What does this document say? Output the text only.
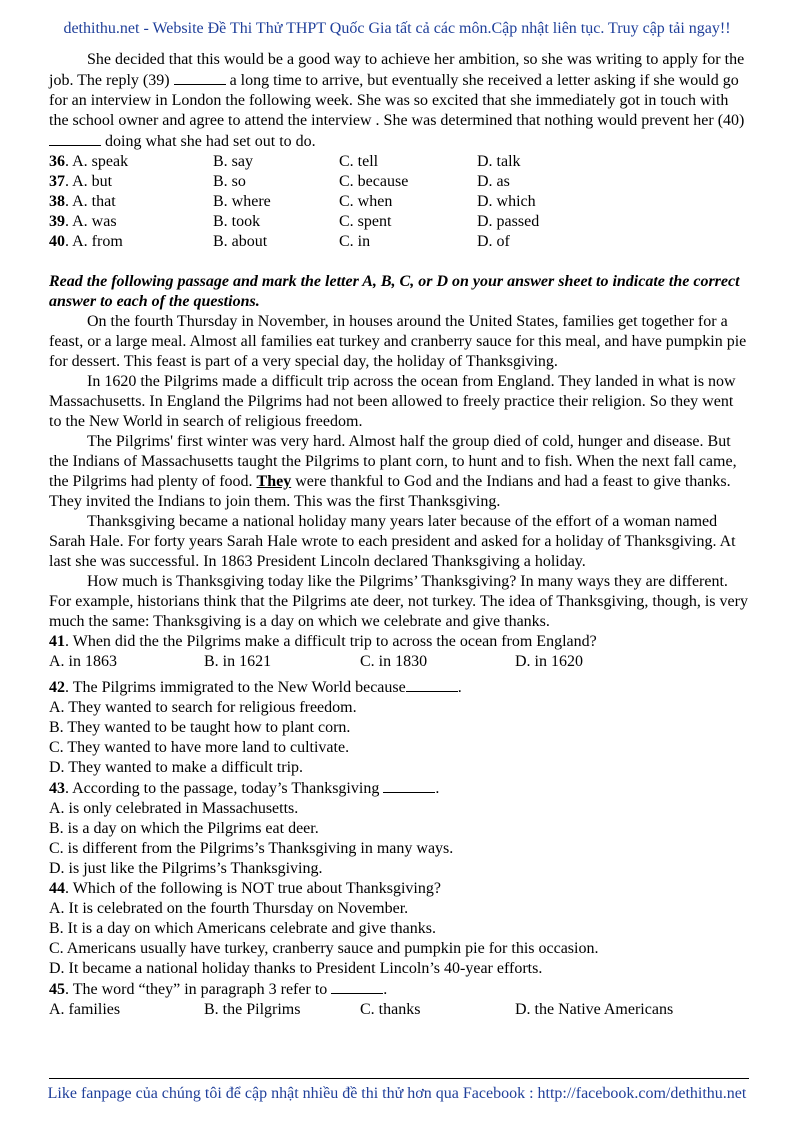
dethithu.net - Website Đề Thi Thử THPT Quốc Gia tất cả các môn.Cập nhật liên tục. Truy cập tải ngay!!

She decided that this would be a good way to achieve her ambition, so she was writing to apply for the job. The reply (39)	a long time to arrive, but eventually she received a letter asking if she would go for an interview in London the following week. She was so excited that she immediately got in touch with the school owner and agree to attend the interview . She was determined that nothing would prevent her (40) doing what she had set out to do.

36. A. speak	B. say	C. tell	D. talk
37. A. but	B. so	C. because	D. as
38. A. that	B. where	C. when	D. which
39. A. was	B. took	C. spent	D. passed
40. A. from	B. about	C. in	D. of

Read the following passage and mark the letter A, B, C, or D on your answer sheet to indicate the correct answer to each of the questions.

On the fourth Thursday in November, in houses around the United States, families get together for a feast, or a large meal. Almost all families eat turkey and cranberry sauce for this meal, and have pumpkin pie for dessert. This feast is part of a very special day, the holiday of Thanksgiving.

In 1620 the Pilgrims made a difficult trip across the ocean from England. They landed in what is now Massachusetts. In England the Pilgrims had not been allowed to freely practice their religion. So they went to the New World in search of religious freedom.

The Pilgrims' first winter was very hard. Almost half the group died of cold, hunger and disease. But the Indians of Massachusetts taught the Pilgrims to plant corn, to hunt and to fish. When the next fall came, the Pilgrims had plenty of food. They were thankful to God and the Indians and had a feast to give thanks. They invited the Indians to join them. This was the first Thanksgiving.

Thanksgiving became a national holiday many years later because of the effort of a woman named Sarah Hale. For forty years Sarah Hale wrote to each president and asked for a holiday of Thanksgiving. At last she was successful. In 1863 President Lincoln declared Thanksgiving a holiday.

How much is Thanksgiving today like the Pilgrims’ Thanksgiving? In many ways they are different. For example, historians think that the Pilgrims ate deer, not turkey. The idea of Thanksgiving, though, is very much the same: Thanksgiving is a day on which we celebrate and give thanks.

41. When did the the Pilgrims make a difficult trip to across the ocean from England?

A. in 1863	B. in 1621	C. in 1830	D. in 1620

42. The Pilgrims immigrated to the New World because	.

A. They wanted to search for religious freedom.

B. They wanted to be taught how to plant corn.

C. They wanted to have more land to cultivate.

D. They wanted to make a difficult trip.

43. According to the passage, today’s Thanksgiving	.

A. is only celebrated in Massachusetts.

B. is a day on which the Pilgrims eat deer.

C. is different from the Pilgrims’s Thanksgiving in many ways.

D. is just like the Pilgrims’s Thanksgiving.

44. Which of the following is NOT true about Thanksgiving?

A. It is celebrated on the fourth Thursday on November.

B. It is a day on which Americans celebrate and give thanks.

C. Americans usually have turkey, cranberry sauce and pumpkin pie for this occasion.

D. It became a national holiday thanks to President Lincoln’s 40-year efforts.

45. The word “they” in paragraph 3 refer to	.

A. families	B. the Pilgrims	C. thanks	D. the Native Americans
Like fanpage của chúng tôi để cập nhật nhiều đề thi thử hơn qua Facebook : http://facebook.com/dethithu.net
